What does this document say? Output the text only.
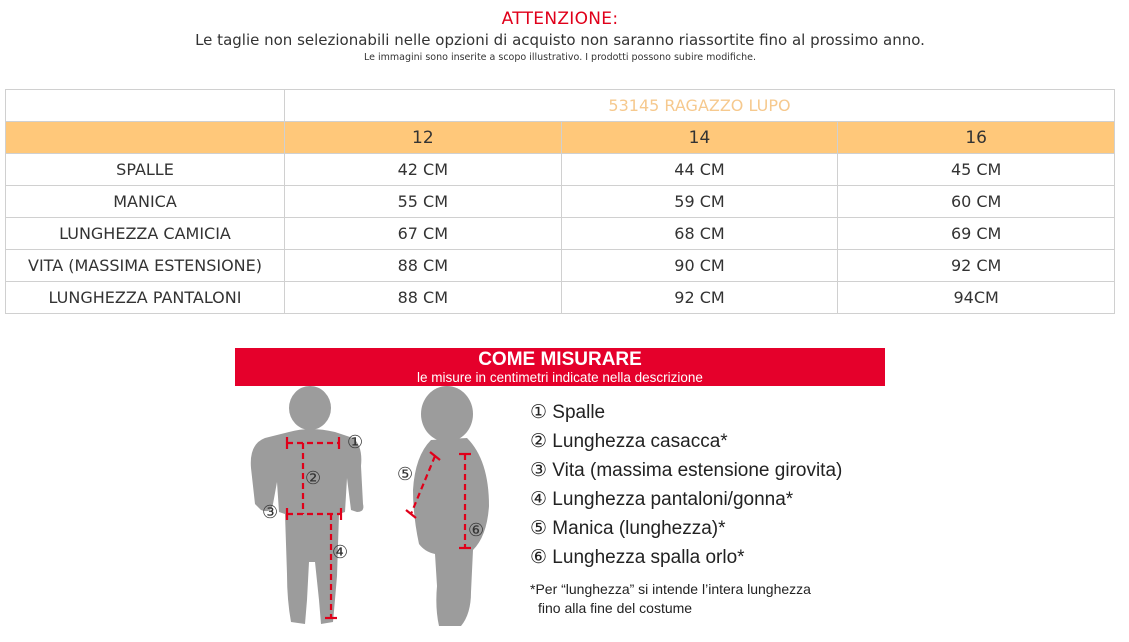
ATTENZIONE:
Le taglie non selezionabili nelle opzioni di acquisto non saranno riassortite fino al prossimo anno.
Le immagini sono inserite a scopo illustrativo. I prodotti possono subire modifiche.
	53145 RAGAZZO LUPO		
	12	14	16
SPALLE	42 CM	44 CM	45 CM
MANICA	55 CM	59 CM	60 CM
LUNGHEZZA CAMICIA	67 CM	68 CM	69 CM
VITA (MASSIMA ESTENSIONE)	88 CM	90 CM	92 CM
LUNGHEZZA PANTALONI	88 CM	92 CM	94CM
COME MISURARE
le misure in centimetri indicate nella descrizione
①
②
③
④
⑤
⑥
① Spalle
② Lunghezza casacca*
③ Vita (massima estensione girovita)
④ Lunghezza pantaloni/gonna*
⑤ Manica (lunghezza)*
⑥ Lunghezza spalla orlo*
*Per “lunghezza” si intende l’intera lunghezza
fino alla fine del costume
